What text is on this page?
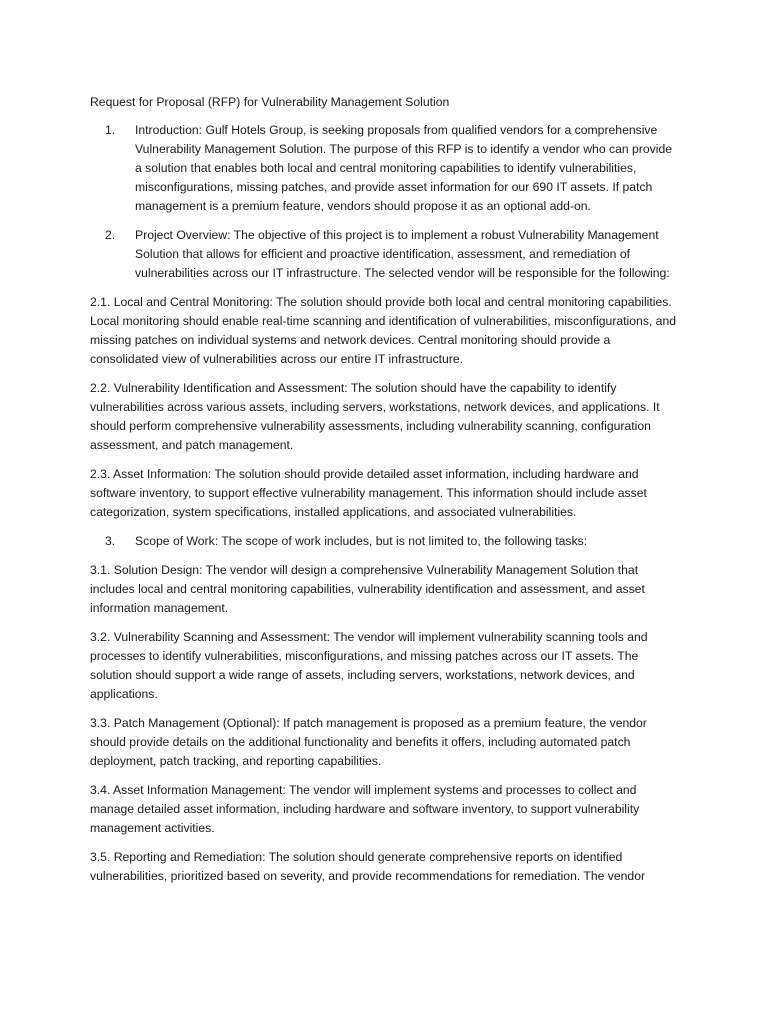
Request for Proposal (RFP) for Vulnerability Management Solution

1.	Introduction: Gulf Hotels Group, is seeking proposals from qualified vendors for a comprehensive Vulnerability Management Solution. The purpose of this RFP is to identify a vendor who can provide a solution that enables both local and central monitoring capabilities to identify vulnerabilities, misconfigurations, missing patches, and provide asset information for our 690 IT assets. If patch management is a premium feature, vendors should propose it as an optional add-on.
2.	Project Overview: The objective of this project is to implement a robust Vulnerability Management Solution that allows for efficient and proactive identification, assessment, and remediation of vulnerabilities across our IT infrastructure. The selected vendor will be responsible for the following:

2.1. Local and Central Monitoring: The solution should provide both local and central monitoring capabilities. Local monitoring should enable real-time scanning and identification of vulnerabilities, misconfigurations, and missing patches on individual systems and network devices. Central monitoring should provide a consolidated view of vulnerabilities across our entire IT infrastructure.

2.2. Vulnerability Identification and Assessment: The solution should have the capability to identify vulnerabilities across various assets, including servers, workstations, network devices, and applications. It should perform comprehensive vulnerability assessments, including vulnerability scanning, configuration assessment, and patch management.

2.3. Asset Information: The solution should provide detailed asset information, including hardware and software inventory, to support effective vulnerability management. This information should include asset categorization, system specifications, installed applications, and associated vulnerabilities.

3.	Scope of Work: The scope of work includes, but is not limited to, the following tasks:

3.1. Solution Design: The vendor will design a comprehensive Vulnerability Management Solution that includes local and central monitoring capabilities, vulnerability identification and assessment, and asset information management.

3.2. Vulnerability Scanning and Assessment: The vendor will implement vulnerability scanning tools and processes to identify vulnerabilities, misconfigurations, and missing patches across our IT assets. The solution should support a wide range of assets, including servers, workstations, network devices, and applications.

3.3. Patch Management (Optional): If patch management is proposed as a premium feature, the vendor should provide details on the additional functionality and benefits it offers, including automated patch deployment, patch tracking, and reporting capabilities.

3.4. Asset Information Management: The vendor will implement systems and processes to collect and manage detailed asset information, including hardware and software inventory, to support vulnerability management activities.

3.5. Reporting and Remediation: The solution should generate comprehensive reports on identified vulnerabilities, prioritized based on severity, and provide recommendations for remediation. The vendor
